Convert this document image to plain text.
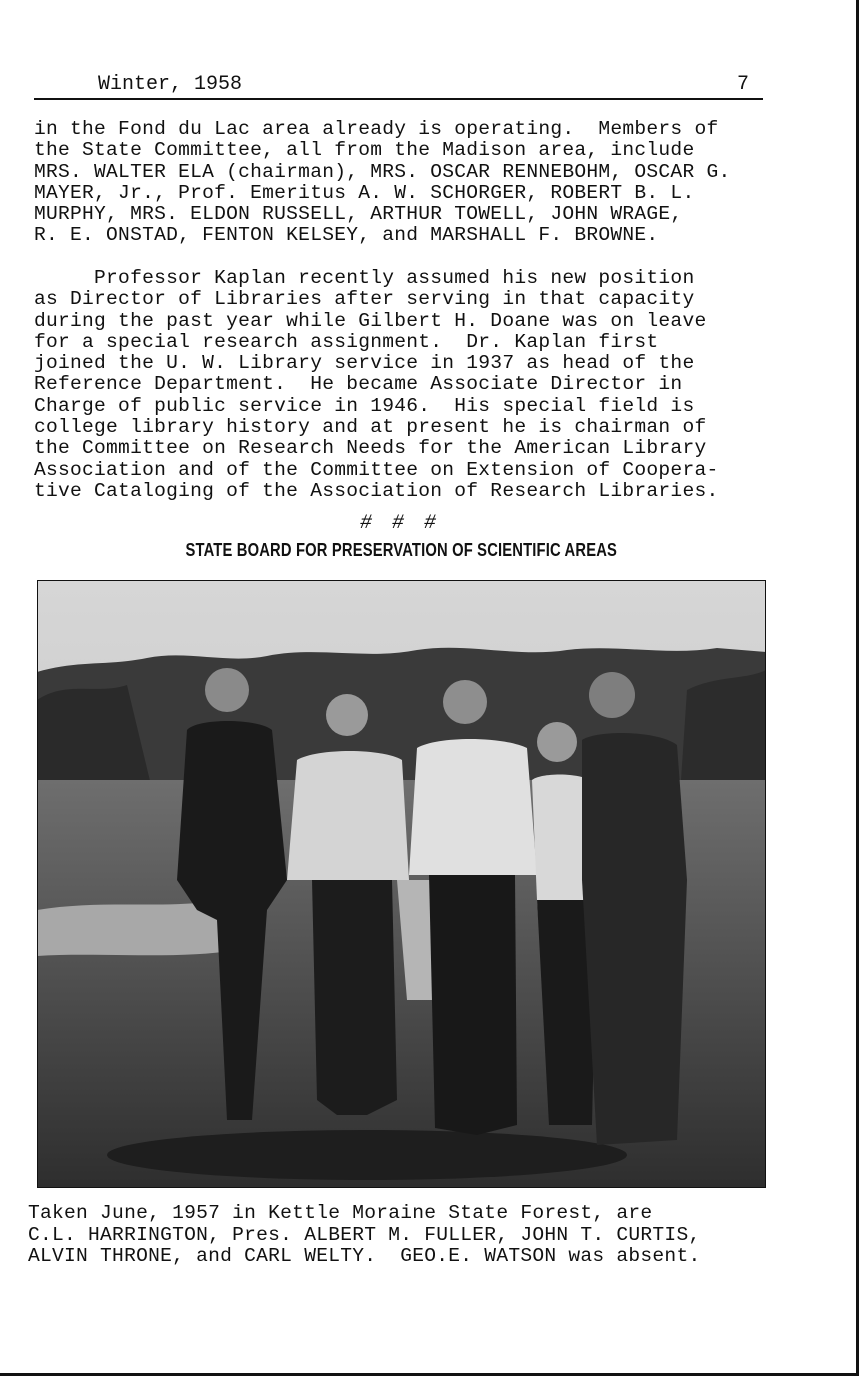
Winter, 1958	7

in the Fond du Lac area already is operating.  Members of
the State Committee, all from the Madison area, include
MRS. WALTER ELA (chairman), MRS. OSCAR RENNEBOHM, OSCAR G.
MAYER, Jr., Prof. Emeritus A. W. SCHORGER, ROBERT B. L.
MURPHY, MRS. ELDON RUSSELL, ARTHUR TOWELL, JOHN WRAGE,
R. E. ONSTAD, FENTON KELSEY, and MARSHALL F. BROWNE.

Professor Kaplan recently assumed his new position
as Director of Libraries after serving in that capacity
during the past year while Gilbert H. Doane was on leave
for a special research assignment.  Dr. Kaplan first
joined the U. W. Library service in 1937 as head of the
Reference Department.  He became Associate Director in
Charge of public service in 1946.  His special field is
college library history and at present he is chairman of
the Committee on Research Needs for the American Library
Association and of the Committee on Extension of Coopera-
tive Cataloging of the Association of Research Libraries.

# # #
STATE BOARD FOR PRESERVATION OF SCIENTIFIC AREAS

Taken June, 1957 in Kettle Moraine State Forest, are
C.L. HARRINGTON, Pres. ALBERT M. FULLER, JOHN T. CURTIS,
ALVIN THRONE, and CARL WELTY.  GEO.E. WATSON was absent.
